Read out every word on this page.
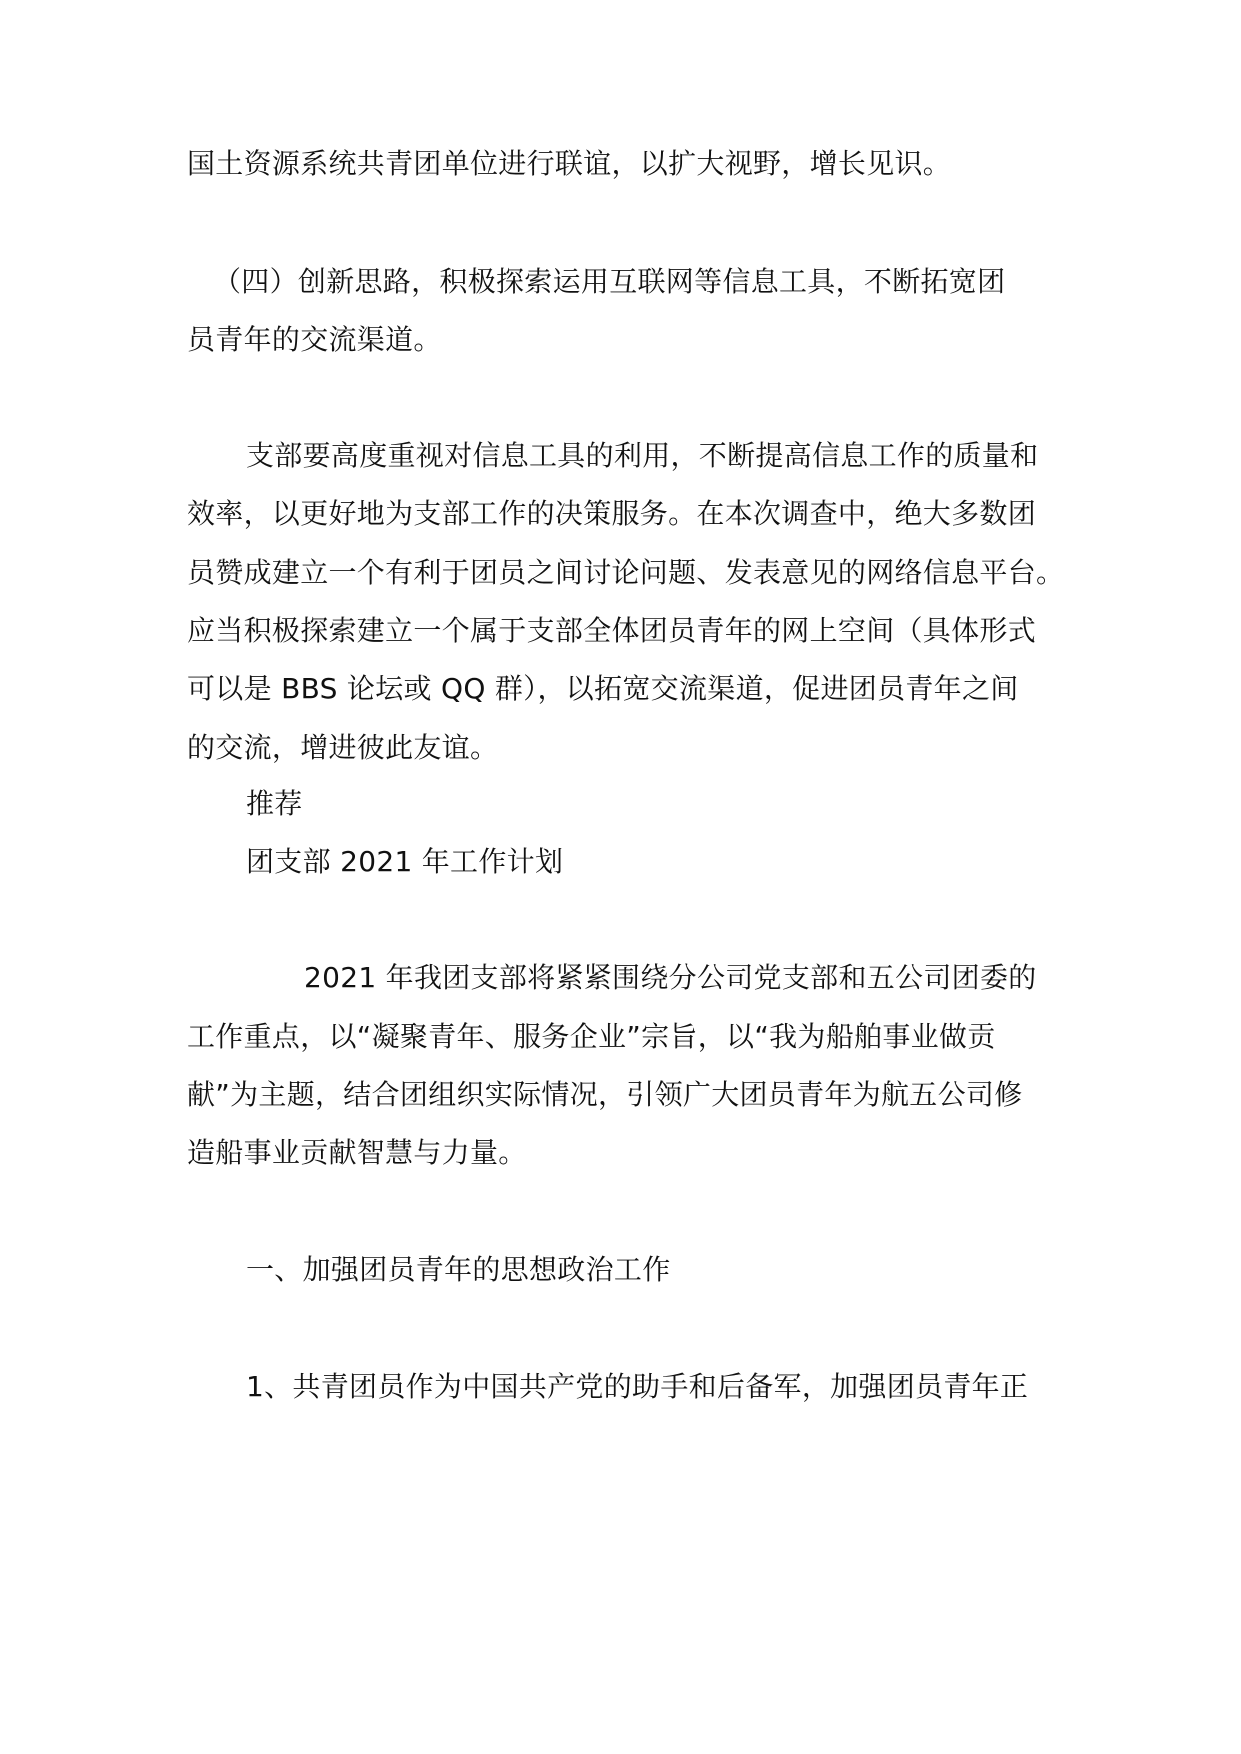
国土资源系统共青团单位进行联谊，以扩大视野，增长见识。
（四）创新思路，积极探索运用互联网等信息工具，不断拓宽团
员青年的交流渠道。
支部要高度重视对信息工具的利用，不断提高信息工作的质量和
效率，以更好地为支部工作的决策服务。在本次调查中，绝大多数团
员赞成建立一个有利于团员之间讨论问题、发表意见的网络信息平台。
应当积极探索建立一个属于支部全体团员青年的网上空间（具体形式
可以是 BBS 论坛或 QQ 群），以拓宽交流渠道，促进团员青年之间
的交流，增进彼此友谊。
推荐
团支部 2021 年工作计划
2021 年我团支部将紧紧围绕分公司党支部和五公司团委的
工作重点，以“凝聚青年、服务企业”宗旨，以“我为船舶事业做贡
献”为主题，结合团组织实际情况，引领广大团员青年为航五公司修
造船事业贡献智慧与力量。
一、加强团员青年的思想政治工作
1、共青团员作为中国共产党的助手和后备军，加强团员青年正
